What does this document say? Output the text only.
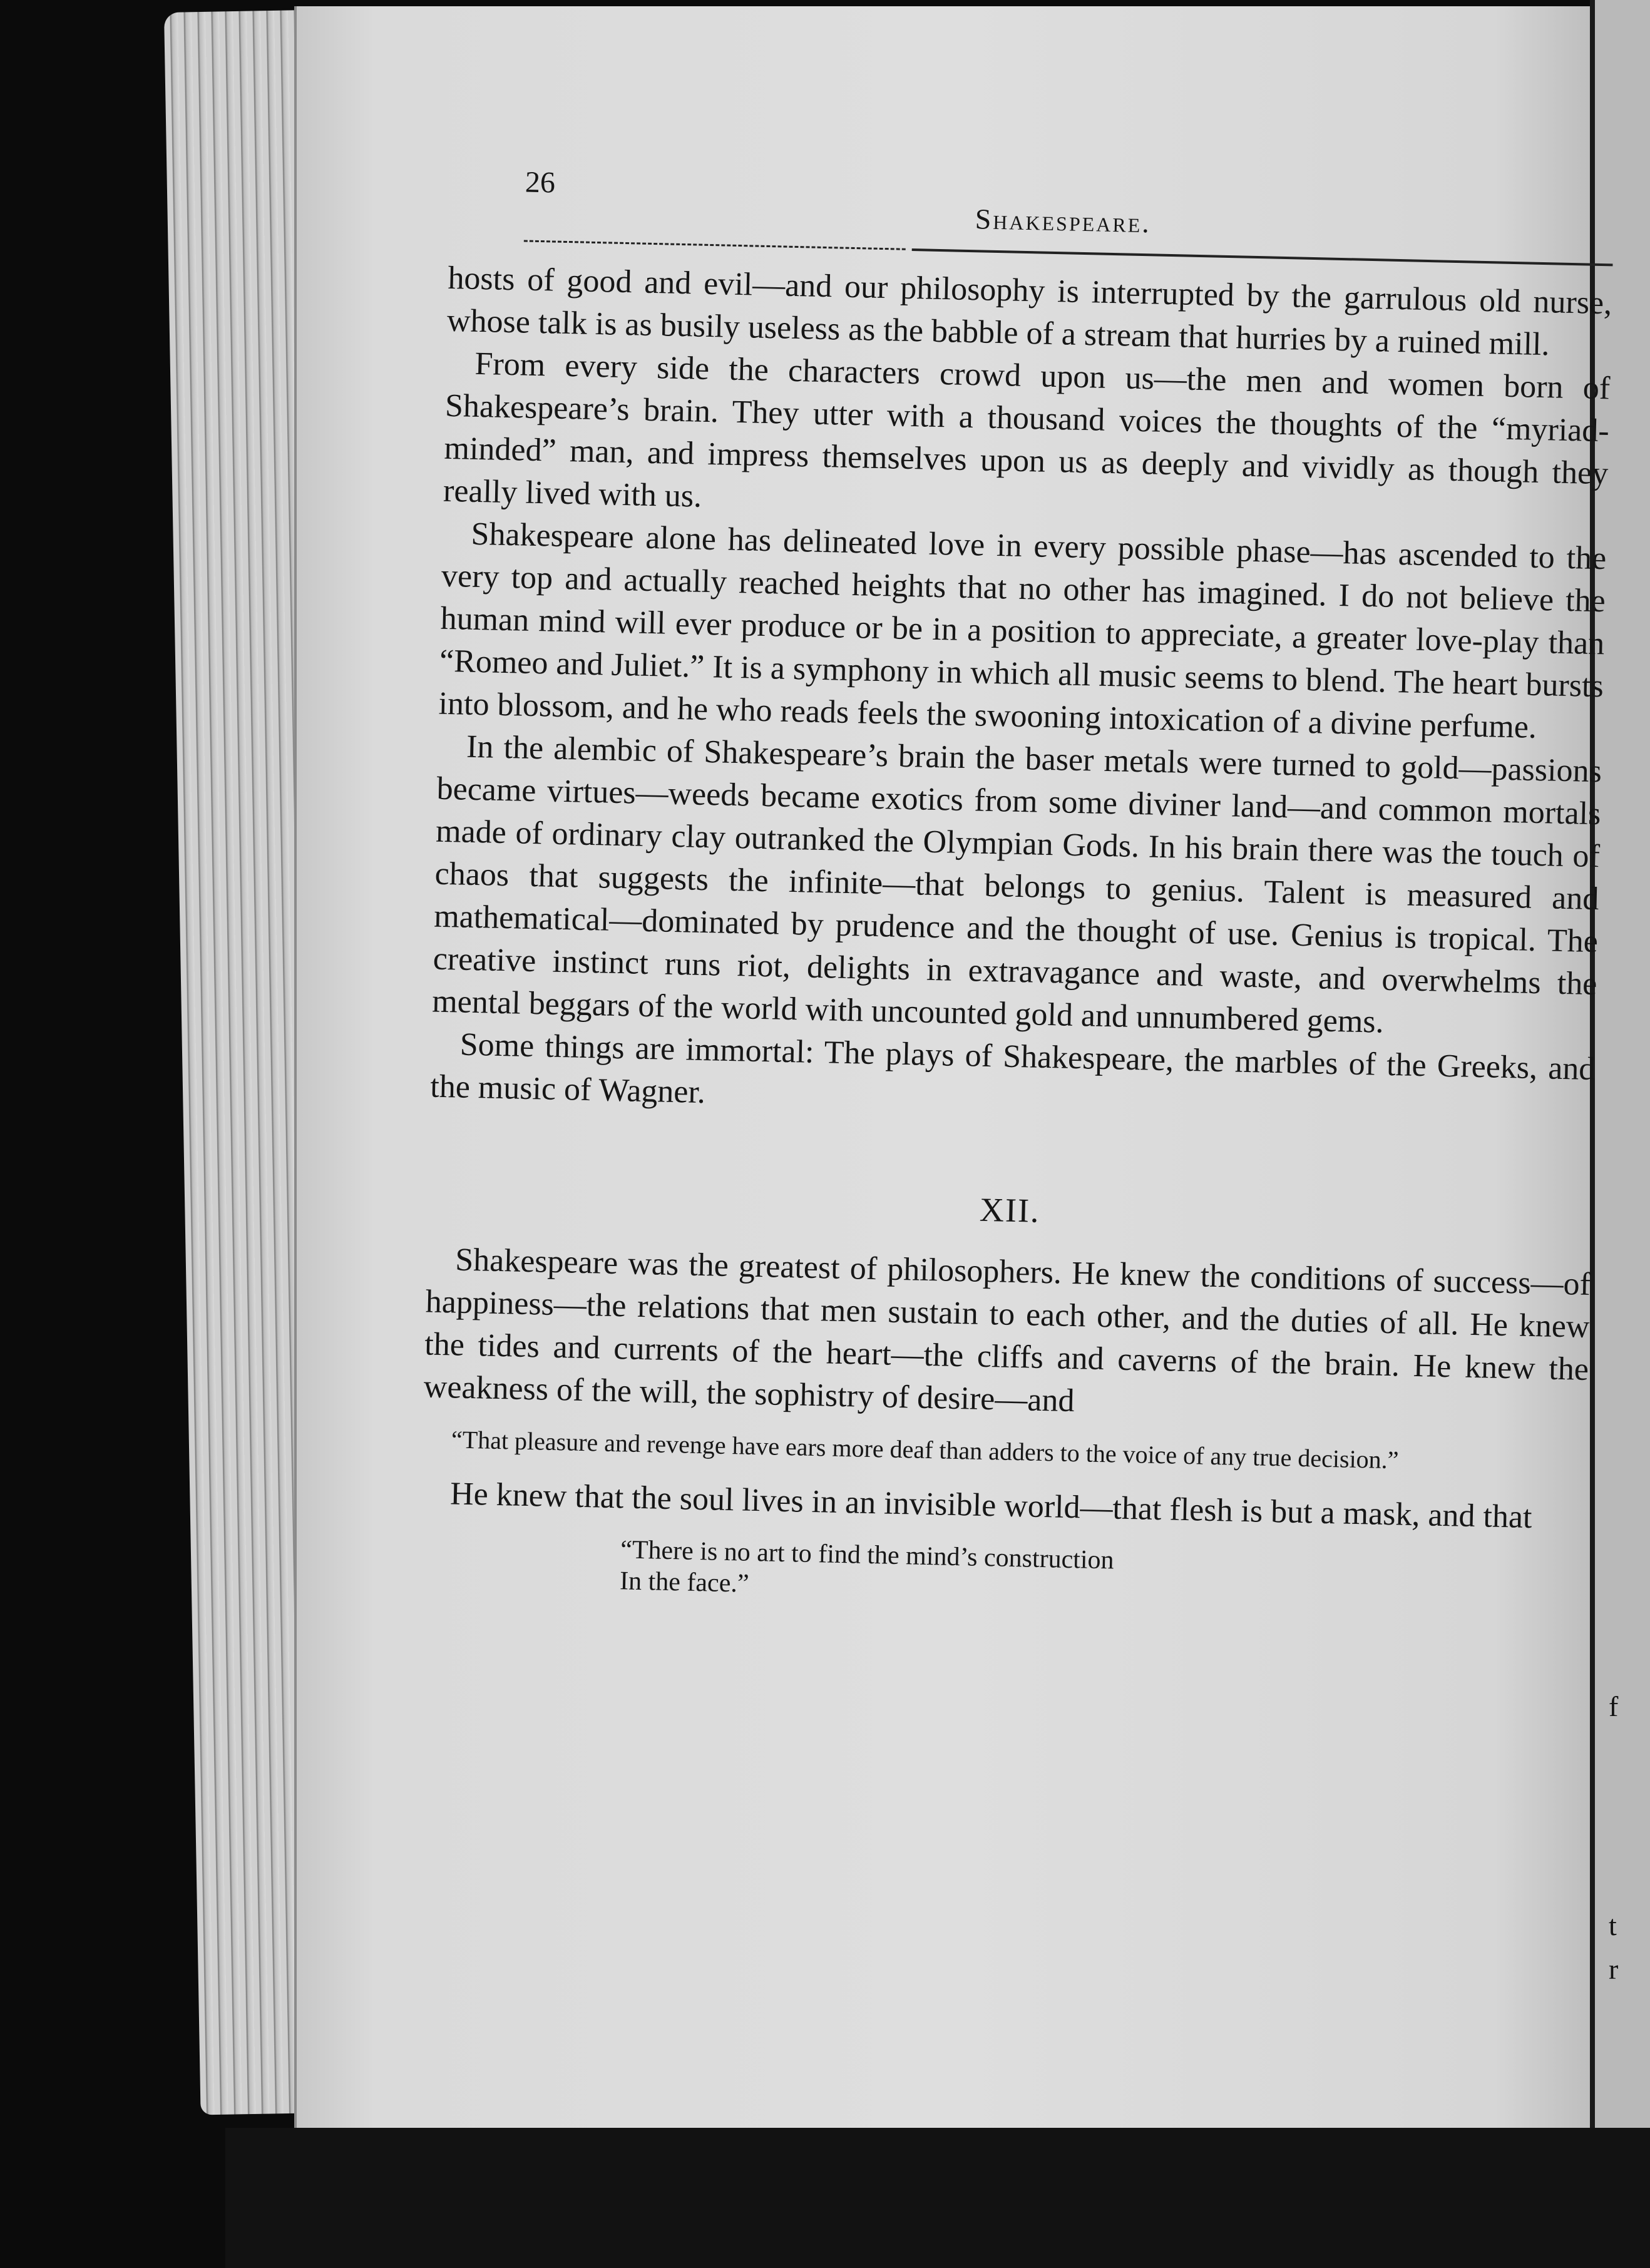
f
t
r
26
Shakespeare.

hosts of good and evil—and our philosophy is interrupted by the garrulous old nurse, whose talk is as busily useless as the babble of a stream that hurries by a ruined mill.

From every side the characters crowd upon us—the men and women born of Shakespeare’s brain. They utter with a thousand voices the thoughts of the “myriad-minded” man, and impress themselves upon us as deeply and vividly as though they really lived with us.

Shakespeare alone has delineated love in every possible phase—has ascended to the very top and actually reached heights that no other has imagined. I do not believe the human mind will ever produce or be in a position to appreciate, a greater love-play than “Romeo and Juliet.” It is a symphony in which all music seems to blend. The heart bursts into blossom, and he who reads feels the swooning intoxication of a divine perfume.

In the alembic of Shakespeare’s brain the baser metals were turned to gold—passions became virtues—weeds became exotics from some diviner land—and common mortals made of ordinary clay outranked the Olympian Gods. In his brain there was the touch of chaos that suggests the infinite—that belongs to genius. Talent is measured and mathematical—dominated by prudence and the thought of use. Genius is tropical. The creative instinct runs riot, delights in extravagance and waste, and overwhelms the mental beggars of the world with uncounted gold and unnumbered gems.

Some things are immortal: The plays of Shakespeare, the marbles of the Greeks, and the music of Wagner.

XII.

Shakespeare was the greatest of philosophers. He knew the conditions of success—of happiness—the relations that men sustain to each other, and the duties of all. He knew the tides and currents of the heart—the cliffs and caverns of the brain. He knew the weakness of the will, the sophistry of desire—and

“That pleasure and revenge have ears more deaf than adders to the voice of any true decision.”

He knew that the soul lives in an invisible world—that flesh is but a mask, and that

“There is no art to find the mind’s construction
In the face.”
